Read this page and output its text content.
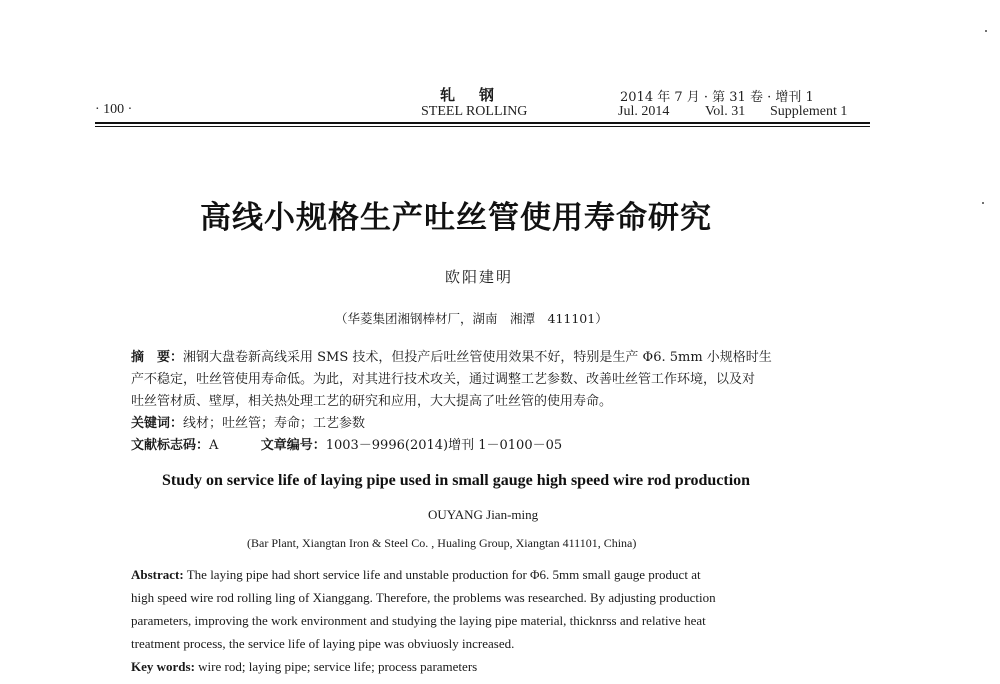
· 100 ·
轧钢
STEEL ROLLING
2014 年 7 月 · 第 31 卷 · 增刊 1
Jul. 2014	Vol. 31 Supplement 1
高线小规格生产吐丝管使用寿命研究
欧阳建明
（华菱集团湘钢棒材厂，湖南　湘潭　411101）
摘　要：湘钢大盘卷新高线采用 SMS 技术，但投产后吐丝管使用效果不好，特别是生产 Φ6. 5mm 小规格时生
产不稳定，吐丝管使用寿命低。为此，对其进行技术攻关，通过调整工艺参数、改善吐丝管工作环境，以及对
吐丝管材质、壁厚，相关热处理工艺的研究和应用，大大提高了吐丝管的使用寿命。
关键词：线材；吐丝管；寿命；工艺参数
文献标志码：A	文章编号：1003－9996(2014)增刊 1－0100－05
Study on service life of laying pipe used in small gauge high speed wire rod production
OUYANG Jian-ming
(Bar Plant, Xiangtan Iron & Steel Co. , Hualing Group, Xiangtan 411101, China)
Abstract: The laying pipe had short service life and unstable production for Φ6. 5mm small gauge product at
high speed wire rod rolling ling of Xianggang. Therefore, the problems was researched. By adjusting production
parameters, improving the work environment and studying the laying pipe material, thicknrss and relative heat
treatment process, the service life of laying pipe was obviuosly increased.
Key words: wire rod; laying pipe; service life; process parameters
